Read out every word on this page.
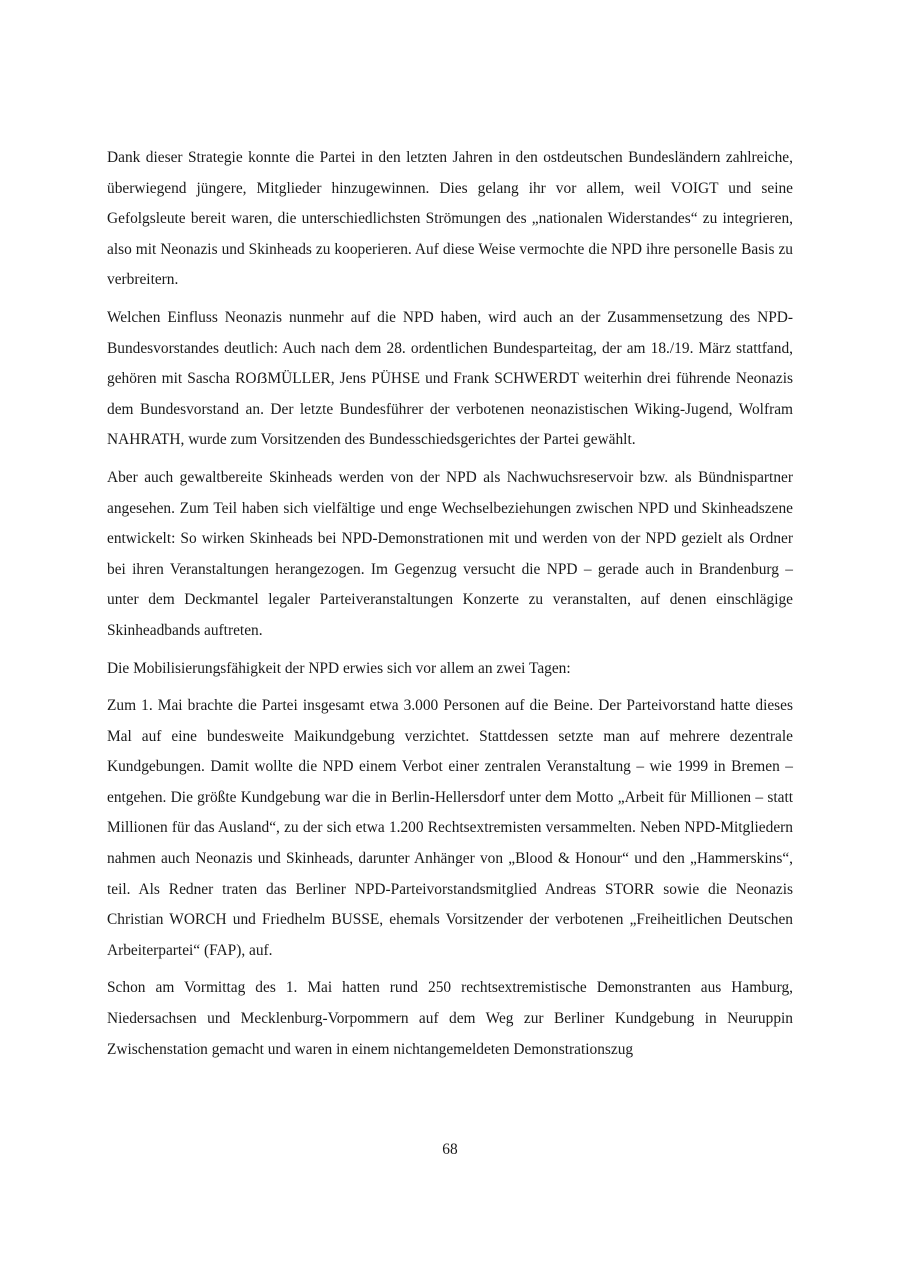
Dank dieser Strategie konnte die Partei in den letzten Jahren in den ostdeutschen Bundesländern zahlreiche, überwiegend jüngere, Mitglieder hinzugewinnen. Dies gelang ihr vor allem, weil VOIGT und seine Gefolgsleute bereit waren, die unterschiedlichsten Strömungen des „nationalen Widerstandes“ zu integrieren, also mit Neonazis und Skinheads zu kooperieren. Auf diese Weise vermochte die NPD ihre personelle Basis zu verbreitern.

Welchen Einfluss Neonazis nunmehr auf die NPD haben, wird auch an der Zusammensetzung des NPD-Bundesvorstandes deutlich: Auch nach dem 28. ordentlichen Bundesparteitag, der am 18./19. März stattfand, gehören mit Sascha ROẞMÜLLER, Jens PÜHSE und Frank SCHWERDT weiterhin drei führende Neonazis dem Bundesvorstand an. Der letzte Bundesführer der verbotenen neonazistischen Wiking-Jugend, Wolfram NAHRATH, wurde zum Vorsitzenden des Bundesschiedsgerichtes der Partei gewählt.

Aber auch gewaltbereite Skinheads werden von der NPD als Nachwuchsreservoir bzw. als Bündnispartner angesehen. Zum Teil haben sich vielfältige und enge Wechselbeziehungen zwischen NPD und Skinheadszene entwickelt: So wirken Skinheads bei NPD-Demonstrationen mit und werden von der NPD gezielt als Ordner bei ihren Veranstaltungen herangezogen. Im Gegenzug versucht die NPD – gerade auch in Brandenburg – unter dem Deckmantel legaler Parteiveranstaltungen Konzerte zu veranstalten, auf denen einschlägige Skinheadbands auftreten.

Die Mobilisierungsfähigkeit der NPD erwies sich vor allem an zwei Tagen:

Zum 1. Mai brachte die Partei insgesamt etwa 3.000 Personen auf die Beine. Der Parteivorstand hatte dieses Mal auf eine bundesweite Maikundgebung verzichtet. Stattdessen setzte man auf mehrere dezentrale Kundgebungen. Damit wollte die NPD einem Verbot einer zentralen Veranstaltung – wie 1999 in Bremen – entgehen. Die größte Kundgebung war die in Berlin-Hellersdorf unter dem Motto „Arbeit für Millionen – statt Millionen für das Ausland“, zu der sich etwa 1.200 Rechtsextremisten versammelten. Neben NPD-Mitgliedern nahmen auch Neonazis und Skinheads, darunter Anhänger von „Blood & Honour“ und den „Hammerskins“, teil. Als Redner traten das Berliner NPD-Parteivorstandsmitglied Andreas STORR sowie die Neonazis Christian WORCH und Friedhelm BUSSE, ehemals Vorsitzender der verbotenen „Freiheitlichen Deutschen Arbeiterpartei“ (FAP), auf.

Schon am Vormittag des 1. Mai hatten rund 250 rechtsextremistische Demonstranten aus Hamburg, Niedersachsen und Mecklenburg-Vorpommern auf dem Weg zur Berliner Kundgebung in Neuruppin Zwischenstation gemacht und waren in einem nichtangemeldeten Demonstrationszug

68
